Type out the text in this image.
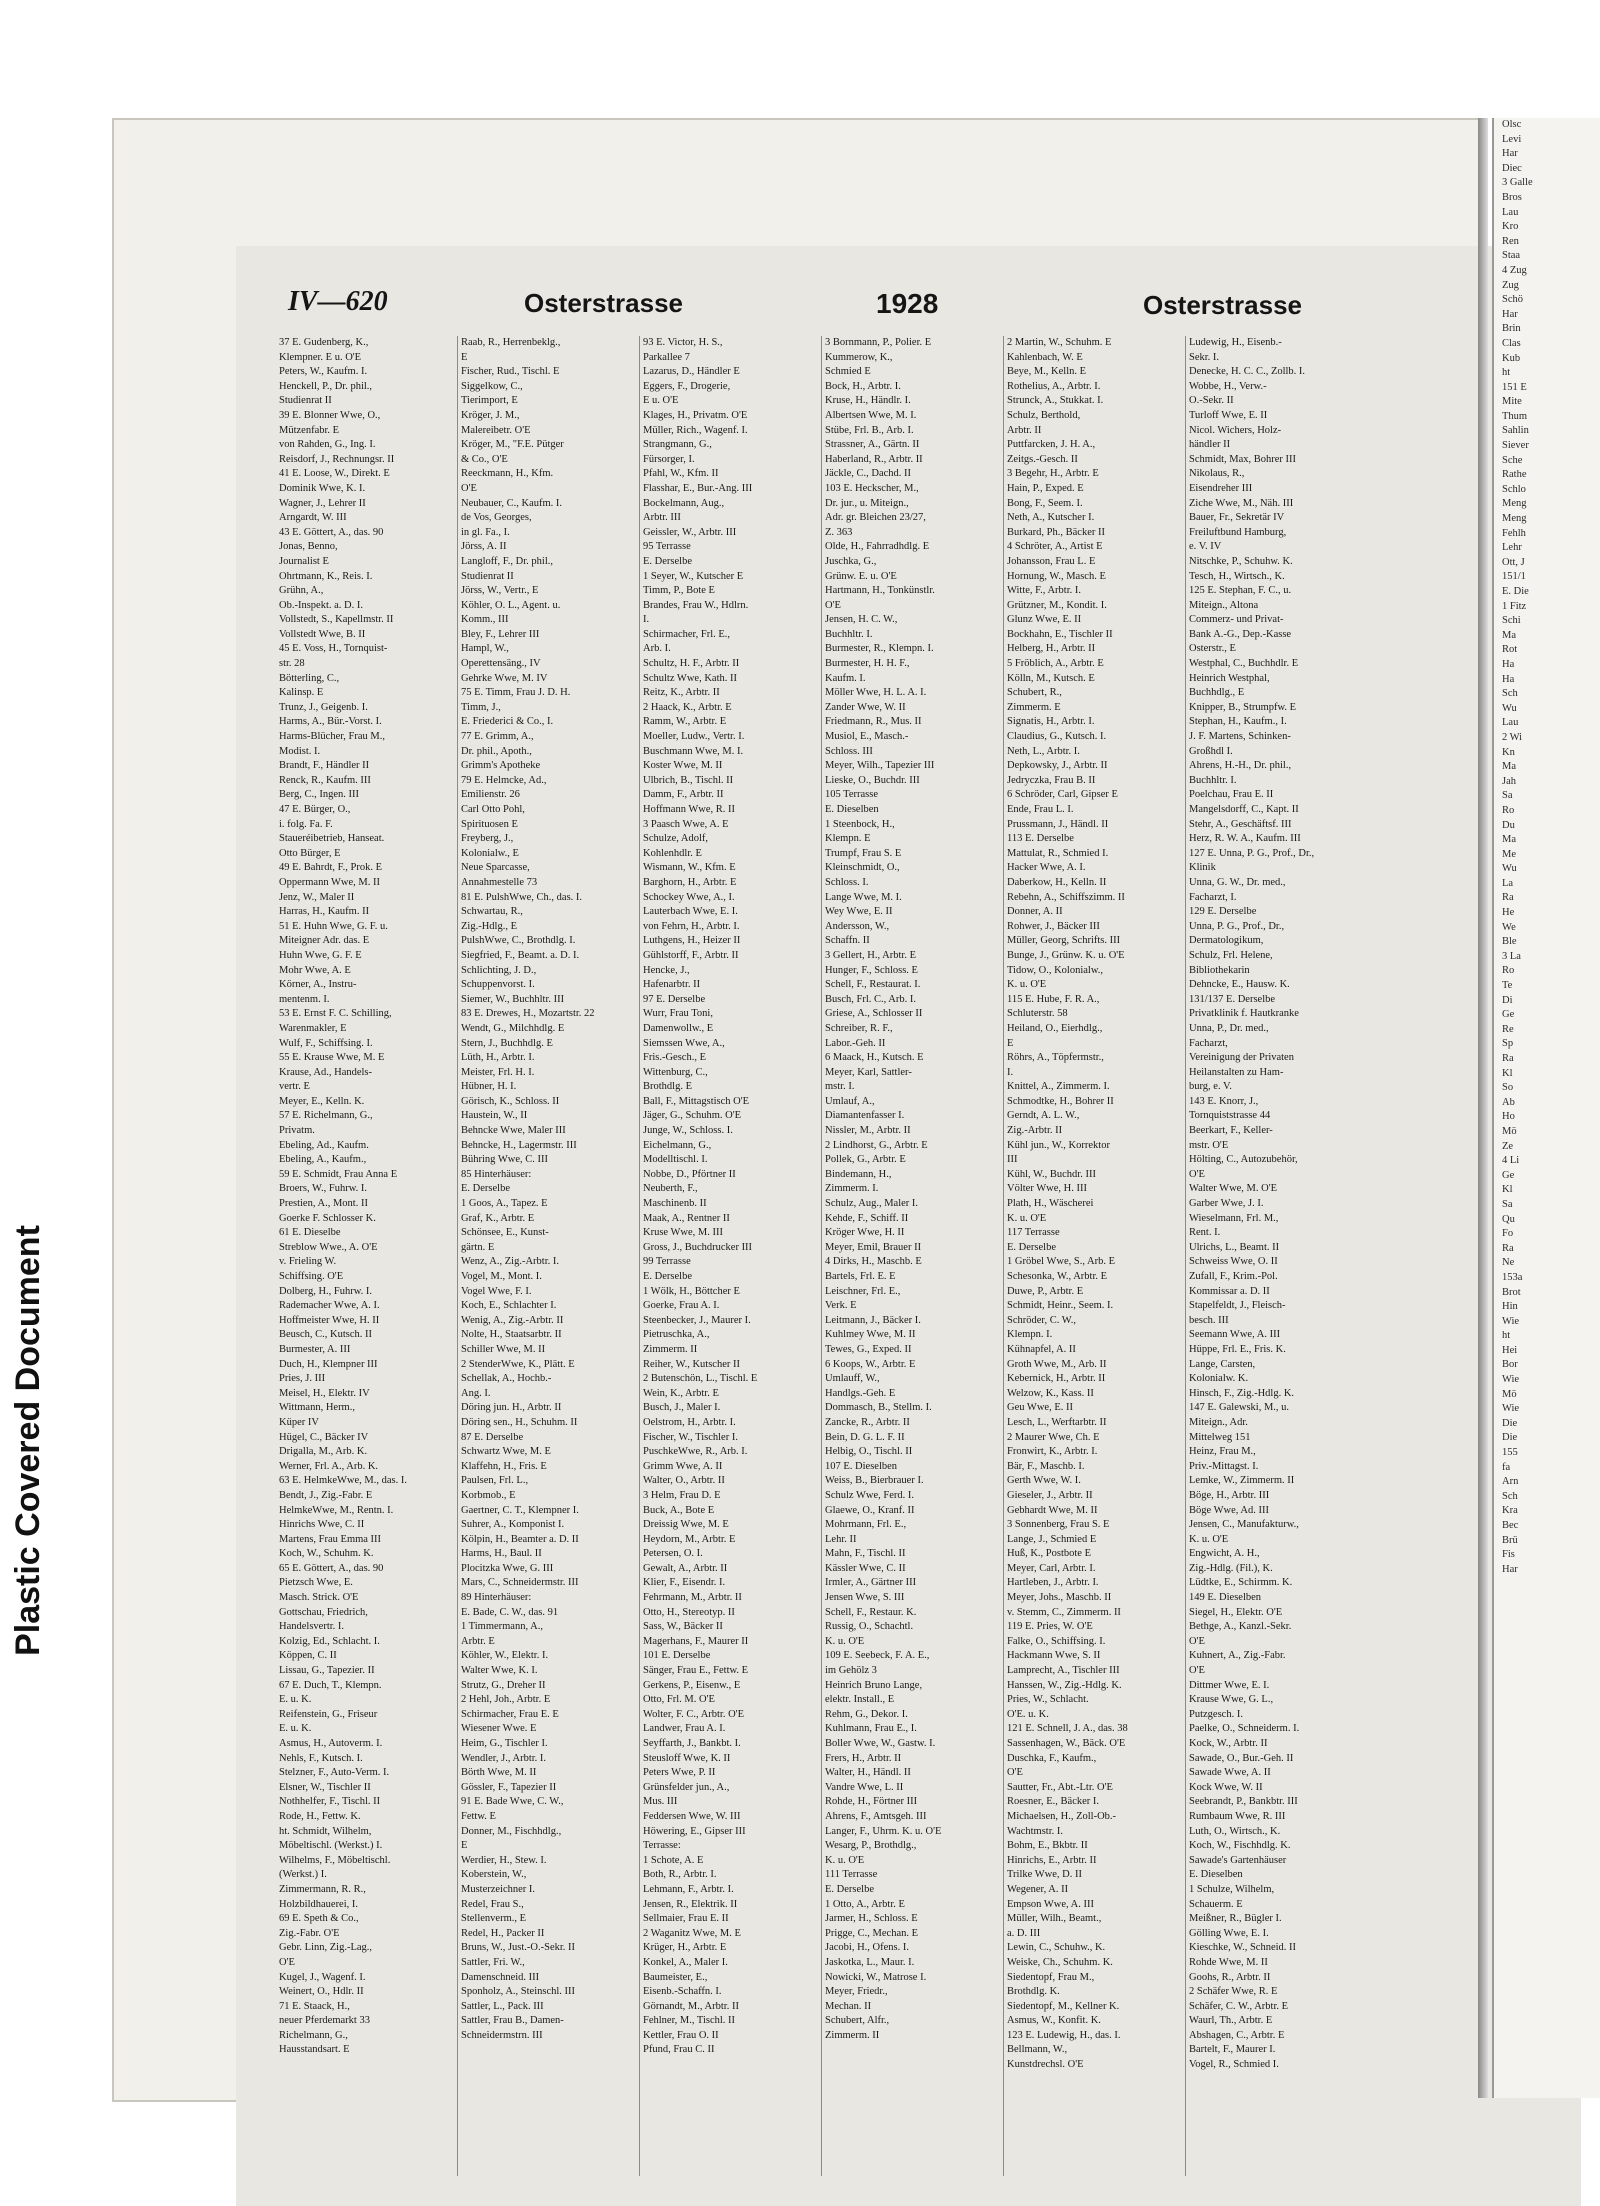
Plastic Covered Document
IV—620	Osterstrasse	1928	Osterstrasse
37 E. Gudenberg, K.,
Klempner. E u. O'E
Peters, W., Kaufm. I.
Henckell, P., Dr. phil.,
Studienrat II
39 E. Blonner Wwe, O.,
Mützenfabr. E
von Rahden, G., Ing. I.
Reisdorf, J., Rechnungsr. II
41 E. Loose, W., Direkt. E
Dominik Wwe, K. I.
Wagner, J., Lehrer II
Arngardt, W. III
43 E. Göttert, A., das. 90
Jonas, Benno,
Journalist E
Ohrtmann, K., Reis. I.
Grühn, A.,
Ob.-Inspekt. a. D. I.
Vollstedt, S., Kapellmstr. II
Vollstedt Wwe, B. II
45 E. Voss, H., Tornquist-
str. 28
Bötterling, C.,
Kalinsp. E
Trunz, J., Geigenb. I.
Harms, A., Bür.-Vorst. I.
Harms-Blücher, Frau M.,
Modist. I.
Brandt, F., Händler II
Renck, R., Kaufm. III
Berg, C., Ingen. III
47 E. Bürger, O.,
i. folg. Fa. F.
Staueréibetrieb, Hanseat.
Otto Bürger, E
49 E. Bahrdt, F., Prok. E
Oppermann Wwe, M. II
Jenz, W., Maler II
Harras, H., Kaufm. II
51 E. Huhn Wwe, G. F. u.
Miteigner Adr. das. E
Huhn Wwe, G. F. E
Mohr Wwe, A. E
Körner, A., Instru-
mentenm. I.
53 E. Ernst F. C. Schilling,
Warenmakler, E
Wulf, F., Schiffsing. I.
55 E. Krause Wwe, M. E
Krause, Ad., Handels-
vertr. E
Meyer, E., Kelln. K.
57 E. Richelmann, G.,
Privatm.
Ebeling, Ad., Kaufm.
Ebeling, A., Kaufm.,
59 E. Schmidt, Frau Anna E
Broers, W., Fuhrw. I.
Prestien, A., Mont. II
Goerke F. Schlosser K.
61 E. Dieselbe
Streblow Wwe., A. O'E
v. Frieling W.
Schiffsing. O'E
Dolberg, H., Fuhrw. I.
Rademacher Wwe, A. I.
Hoffmeister Wwe, H. II
Beusch, C., Kutsch. II
Burmester, A. III
Duch, H., Klempner III
Pries, J. III
Meisel, H., Elektr. IV
Wittmann, Herm.,
Küper IV
Hügel, C., Bäcker IV
Drigalla, M., Arb. K.
Werner, Frl. A., Arb. K.
63 E. HelmkeWwe, M., das. I.
Bendt, J., Zig.-Fabr. E
HelmkeWwe, M., Rentn. I.
Hinrichs Wwe, C. II
Martens, Frau Emma III
Koch, W., Schuhm. K.
65 E. Göttert, A., das. 90
Pietzsch Wwe, E.
Masch. Strick. O'E
Gottschau, Friedrich,
Handelsvertr. I.
Kolzig, Ed., Schlacht. I.
Köppen, C. II
Lissau, G., Tapezier. II
67 E. Duch, T., Klempn.
E. u. K.
Reifenstein, G., Friseur
E. u. K.
Asmus, H., Autoverm. I.
Nehls, F., Kutsch. I.
Stelzner, F., Auto-Verm. I.
Elsner, W., Tischler II
Nothhelfer, F., Tischl. II
Rode, H., Fettw. K.
ht. Schmidt, Wilhelm,
Möbeltischl. (Werkst.) I.
Wilhelms, F., Möbeltischl.
(Werkst.) I.
Zimmermann, R. R.,
Holzbildhauerei, I.
69 E. Speth & Co.,
Zig.-Fabr. O'E
Gebr. Linn, Zig.-Lag.,
O'E
Kugel, J., Wagenf. I.
Weinert, O., Hdlr. II
71 E. Staack, H.,
neuer Pferdemarkt 33
Richelmann, G.,
Hausstandsart. E
Raab, R., Herrenbeklg.,
E
Fischer, Rud., Tischl. E
Siggelkow, C.,
Tierimport, E
Kröger, J. M.,
Malereibetr. O'E
Kröger, M., "F.E. Pütger
& Co., O'E
Reeckmann, H., Kfm.
O'E
Neubauer, C., Kaufm. I.
de Vos, Georges,
in gl. Fa., I.
Jörss, A. II
Langloff, F., Dr. phil.,
Studienrat II
Jörss, W., Vertr., E
Köhler, O. L., Agent. u.
Komm., III
Bley, F., Lehrer III
Hampl, W.,
Operettensäng., IV
Gehrke Wwe, M. IV
75 E. Timm, Frau J. D. H.
Timm, J.,
E. Friederici & Co., I.
77 E. Grimm, A.,
Dr. phil., Apoth.,
Grimm's Apotheke
79 E. Helmcke, Ad.,
Emilienstr. 26
Carl Otto Pohl,
Spirituosen E
Freyberg, J.,
Kolonialw., E
Neue Sparcasse,
Annahmestelle 73
81 E. PulshWwe, Ch., das. I.
Schwartau, R.,
Zig.-Hdlg., E
PulshWwe, C., Brothdlg. I.
Siegfried, F., Beamt. a. D. I.
Schlichting, J. D.,
Schuppenvorst. I.
Siemer, W., Buchhltr. III
83 E. Drewes, H., Mozartstr. 22
Wendt, G., Milchhdlg. E
Stern, J., Buchhdlg. E
Lüth, H., Arbtr. I.
Meister, Frl. H. I.
Hübner, H. I.
Görisch, K., Schloss. II
Haustein, W., II
Behncke Wwe, Maler III
Behncke, H., Lagermstr. III
Bühring Wwe, C. III
85 Hinterhäuser:
E. Derselbe
1 Goos, A., Tapez. E
Graf, K., Arbtr. E
Schönsee, E., Kunst-
gärtn. E
Wenz, A., Zig.-Arbtr. I.
Vogel, M., Mont. I.
Vogel Wwe, F. I.
Koch, E., Schlachter I.
Wenig, A., Zig.-Arbtr. II
Nolte, H., Staatsarbtr. II
Schiller Wwe, M. II
2 StenderWwe, K., Plätt. E
Schellak, A., Hochb.-
Ang. I.
Döring jun. H., Arbtr. II
Döring sen., H., Schuhm. II
87 E. Derselbe
Schwartz Wwe, M. E
Klaffehn, H., Fris. E
Paulsen, Frl. L.,
Korbmob., E
Gaertner, C. T., Klempner I.
Suhrer, A., Komponist I.
Kölpin, H., Beamter a. D. II
Harms, H., Baul. II
Plocitzka Wwe, G. III
Mars, C., Schneidermstr. III
89 Hinterhäuser:
E. Bade, C. W., das. 91
1 Timmermann, A.,
Arbtr. E
Köhler, W., Elektr. I.
Walter Wwe, K. I.
Strutz, G., Dreher II
2 Hehl, Joh., Arbtr. E
Schirmacher, Frau E. E
Wiesener Wwe. E
Heim, G., Tischler I.
Wendler, J., Arbtr. I.
Börth Wwe, M. II
Gössler, F., Tapezier II
91 E. Bade Wwe, C. W.,
Fettw. E
Donner, M., Fischhdlg.,
E
Werdier, H., Stew. I.
Koberstein, W.,
Musterzeichner I.
Redel, Frau S.,
Stellenverm., E
Redel, H., Packer II
Bruns, W., Just.-O.-Sekr. II
Sattler, Fri. W.,
Damenschneid. III
Sponholz, A., Steinschl. III
Sattler, L., Pack. III
Sattler, Frau B., Damen-
Schneidermstrn. III
93 E. Victor, H. S.,
Parkallee 7
Lazarus, D., Händler E
Eggers, F., Drogerie,
E u. O'E
Klages, H., Privatm. O'E
Müller, Rich., Wagenf. I.
Strangmann, G.,
Fürsorger, I.
Pfahl, W., Kfm. II
Flasshar, E., Bur.-Ang. III
Bockelmann, Aug.,
Arbtr. III
Geissler, W., Arbtr. III
95 Terrasse
E. Derselbe
1 Seyer, W., Kutscher E
Timm, P., Bote E
Brandes, Frau W., Hdlrn.
I.
Schirmacher, Frl. E.,
Arb. I.
Schultz, H. F., Arbtr. II
Schultz Wwe, Kath. II
Reitz, K., Arbtr. II
2 Haack, K., Arbtr. E
Ramm, W., Arbtr. E
Moeller, Ludw., Vertr. I.
Buschmann Wwe, M. I.
Koster Wwe, M. II
Ulbrich, B., Tischl. II
Damm, F., Arbtr. II
Hoffmann Wwe, R. II
3 Paasch Wwe, A. E
Schulze, Adolf,
Kohlenhdlr. E
Wismann, W., Kfm. E
Barghorn, H., Arbtr. E
Schockey Wwe, A., I.
Lauterbach Wwe, E. I.
von Fehrn, H., Arbtr. I.
Luthgens, H., Heizer II
Gühlstorff, F., Arbtr. II
Hencke, J.,
Hafenarbtr. II
97 E. Derselbe
Wurr, Frau Toni,
Damenwollw., E
Siemssen Wwe, A.,
Fris.-Gesch., E
Wittenburg, C.,
Brothdlg. E
Ball, F., Mittagstisch O'E
Jäger, G., Schuhm. O'E
Junge, W., Schloss. I.
Eichelmann, G.,
Modelltischl. I.
Nobbe, D., Pförtner II
Neuberth, F.,
Maschinenb. II
Maak, A., Rentner II
Kruse Wwe, M. III
Gross, J., Buchdrucker III
99 Terrasse
E. Derselbe
1 Wölk, H., Böttcher E
Goerke, Frau A. I.
Steenbecker, J., Maurer I.
Pietruschka, A.,
Zimmerm. II
Reiher, W., Kutscher II
2 Butenschön, L., Tischl. E
Wein, K., Arbtr. E
Busch, J., Maler I.
Oelstrom, H., Arbtr. I.
Fischer, W., Tischler I.
PuschkeWwe, R., Arb. I.
Grimm Wwe, A. II
Walter, O., Arbtr. II
3 Helm, Frau D. E
Buck, A., Bote E
Dreissig Wwe, M. E
Heydorn, M., Arbtr. E
Petersen, O. I.
Gewalt, A., Arbtr. II
Klier, F., Eisendr. I.
Fehrmann, M., Arbtr. II
Otto, H., Stereotyp. II
Sass, W., Bäcker II
Magerhans, F., Maurer II
101 E. Derselbe
Sänger, Frau E., Fettw. E
Gerkens, P., Eisenw., E
Otto, Frl. M. O'E
Wolter, F. C., Arbtr. O'E
Landwer, Frau A. I.
Seyffarth, J., Bankbt. I.
Steusloff Wwe, K. II
Peters Wwe, P. II
Grünsfelder jun., A.,
Mus. III
Feddersen Wwe, W. III
Höwering, E., Gipser III
Terrasse:
1 Schote, A. E
Both, R., Arbtr. I.
Lehmann, F., Arbtr. I.
Jensen, R., Elektrik. II
Sellmaier, Frau E. II
2 Waganitz Wwe, M. E
Krüger, H., Arbtr. E
Konkel, A., Maler I.
Baumeister, E.,
Eisenb.-Schaffn. I.
Görnandt, M., Arbtr. II
Fehlner, M., Tischl. II
Kettler, Frau O. II
Pfund, Frau C. II
3 Bornmann, P., Polier. E
Kummerow, K.,
Schmied E
Bock, H., Arbtr. I.
Kruse, H., Händlr. I.
Albertsen Wwe, M. I.
Stübe, Frl. B., Arb. I.
Strassner, A., Gärtn. II
Haberland, R., Arbtr. II
Jäckle, C., Dachd. II
103 E. Heckscher, M.,
Dr. jur., u. Miteign.,
Adr. gr. Bleichen 23/27,
Z. 363
Olde, H., Fahrradhdlg. E
Juschka, G.,
Grünw. E. u. O'E
Hartmann, H., Tonkünstlr.
O'E
Jensen, H. C. W.,
Buchhltr. I.
Burmester, R., Klempn. I.
Burmester, H. H. F.,
Kaufm. I.
Möller Wwe, H. L. A. I.
Zander Wwe, W. II
Friedmann, R., Mus. II
Musiol, E., Masch.-
Schloss. III
Meyer, Wilh., Tapezier III
Lieske, O., Buchdr. III
105 Terrasse
E. Dieselben
1 Steenbock, H.,
Klempn. E
Trumpf, Frau S. E
Kleinschmidt, O.,
Schloss. I.
Lange Wwe, M. I.
Wey Wwe, E. II
Andersson, W.,
Schaffn. II
3 Gellert, H., Arbtr. E
Hunger, F., Schloss. E
Schell, F., Restaurat. I.
Busch, Frl. C., Arb. I.
Griese, A., Schlosser II
Schreiber, R. F.,
Labor.-Geh. II
6 Maack, H., Kutsch. E
Meyer, Karl, Sattler-
mstr. I.
Umlauf, A.,
Diamantenfasser I.
Nissler, M., Arbtr. II
2 Lindhorst, G., Arbtr. E
Pollek, G., Arbtr. E
Bindemann, H.,
Zimmerm. I.
Schulz, Aug., Maler I.
Kehde, F., Schiff. II
Kröger Wwe, H. II
Meyer, Emil, Brauer II
4 Dirks, H., Maschb. E
Bartels, Frl. E. E
Leischner, Frl. E.,
Verk. E
Leitmann, J., Bäcker I.
Kuhlmey Wwe, M. II
Tewes, G., Exped. II
6 Koops, W., Arbtr. E
Umlauff, W.,
Handlgs.-Geh. E
Dommasch, B., Stellm. I.
Zancke, R., Arbtr. II
Bein, D. G. L. F. II
Helbig, O., Tischl. II
107 E. Dieselben
Weiss, B., Bierbrauer I.
Schulz Wwe, Ferd. I.
Glaewe, O., Kranf. II
Mohrmann, Frl. E.,
Lehr. II
Mahn, F., Tischl. II
Kässler Wwe, C. II
Irmler, A., Gärtner III
Jensen Wwe, S. III
Schell, F., Restaur. K.
Russig, O., Schachtl.
K. u. O'E
109 E. Seebeck, F. A. E.,
im Gehölz 3
Heinrich Bruno Lange,
elektr. Install., E
Rehm, G., Dekor. I.
Kuhlmann, Frau E., I.
Boller Wwe, W., Gastw. I.
Frers, H., Arbtr. II
Walter, H., Händl. II
Vandre Wwe, L. II
Rohde, H., Förtner III
Ahrens, F., Amtsgeh. III
Langer, F., Uhrm. K. u. O'E
Wesarg, P., Brothdlg.,
K. u. O'E
111 Terrasse
E. Derselbe
1 Otto, A., Arbtr. E
Jarmer, H., Schloss. E
Prigge, C., Mechan. E
Jacobi, H., Ofens. I.
Jaskotka, L., Maur. I.
Nowicki, W., Matrose I.
Meyer, Friedr.,
Mechan. II
Schubert, Alfr.,
Zimmerm. II
2 Martin, W., Schuhm. E
Kahlenbach, W. E
Beye, M., Kelln. E
Rothelius, A., Arbtr. I.
Strunck, A., Stukkat. I.
Schulz, Berthold,
Arbtr. II
Puttfarcken, J. H. A.,
Zeitgs.-Gesch. II
3 Begehr, H., Arbtr. E
Hain, P., Exped. E
Bong, F., Seem. I.
Neth, A., Kutscher I.
Burkard, Ph., Bäcker II
4 Schröter, A., Artist E
Johansson, Frau L. E
Hornung, W., Masch. E
Witte, F., Arbtr. I.
Grützner, M., Kondit. I.
Glunz Wwe, E. II
Bockhahn, E., Tischler II
Helberg, H., Arbtr. II
5 Fröblich, A., Arbtr. E
Kölln, M., Kutsch. E
Schubert, R.,
Zimmerm. E
Signatis, H., Arbtr. I.
Claudius, G., Kutsch. I.
Neth, L., Arbtr. I.
Depkowsky, J., Arbtr. II
Jedryczka, Frau B. II
6 Schröder, Carl, Gipser E
Ende, Frau L. I.
Prussmann, J., Händl. II
113 E. Derselbe
Mattulat, R., Schmied I.
Hacker Wwe, A. I.
Daberkow, H., Kelln. II
Rebehn, A., Schiffszimm. II
Donner, A. II
Rohwer, J., Bäcker III
Müller, Georg, Schrifts. III
Bunge, J., Grünw. K. u. O'E
Tidow, O., Kolonialw.,
K. u. O'E
115 E. Hube, F. R. A.,
Schluterstr. 58
Heiland, O., Eierhdlg.,
E
Röhrs, A., Töpfermstr.,
I.
Knittel, A., Zimmerm. I.
Schmodtke, H., Bohrer II
Gerndt, A. L. W.,
Zig.-Arbtr. II
Kühl jun., W., Korrektor
III
Kühl, W., Buchdr. III
Völter Wwe, H. III
Plath, H., Wäscherei
K. u. O'E
117 Terrasse
E. Derselbe
1 Gröbel Wwe, S., Arb. E
Schesonka, W., Arbtr. E
Duwe, P., Arbtr. E
Schmidt, Heinr., Seem. I.
Schröder, C. W.,
Klempn. I.
Kühnapfel, A. II
Groth Wwe, M., Arb. II
Kebernick, H., Arbtr. II
Welzow, K., Kass. II
Geu Wwe, E. II
Lesch, L., Werftarbtr. II
2 Maurer Wwe, Ch. E
Fronwirt, K., Arbtr. I.
Bär, F., Maschb. I.
Gerth Wwe, W. I.
Gieseler, J., Arbtr. II
Gebhardt Wwe, M. II
3 Sonnenberg, Frau S. E
Lange, J., Schmied E
Huß, K., Postbote E
Meyer, Carl, Arbtr. I.
Hartleben, J., Arbtr. I.
Meyer, Johs., Maschb. II
v. Stemm, C., Zimmerm. II
119 E. Pries, W. O'E
Falke, O., Schiffsing. I.
Hackmann Wwe, S. II
Lamprecht, A., Tischler III
Hanssen, W., Zig.-Hdlg. K.
Pries, W., Schlacht.
O'E. u. K.
121 E. Schnell, J. A., das. 38
Sassenhagen, W., Bäck. O'E
Duschka, F., Kaufm.,
O'E
Sautter, Fr., Abt.-Ltr. O'E
Roesner, E., Bäcker I.
Michaelsen, H., Zoll-Ob.-
Wachtmstr. I.
Bohm, E., Bkbtr. II
Hinrichs, E., Arbtr. II
Trilke Wwe, D. II
Wegener, A. II
Empson Wwe, A. III
Müller, Wilh., Beamt.,
a. D. III
Lewin, C., Schuhw., K.
Weiske, Ch., Schuhm. K.
Siedentopf, Frau M.,
Brothdlg. K.
Siedentopf, M., Kellner K.
Asmus, W., Konfit. K.
123 E. Ludewig, H., das. I.
Bellmann, W.,
Kunstdrechsl. O'E
Ludewig, H., Eisenb.-
Sekr. I.
Denecke, H. C. C., Zollb. I.
Wobbe, H., Verw.-
O.-Sekr. II
Turloff Wwe, E. II
Nicol. Wichers, Holz-
händler II
Schmidt, Max, Bohrer III
Nikolaus, R.,
Eisendreher III
Ziche Wwe, M., Näh. III
Bauer, Fr., Sekretär IV
Freiluftbund Hamburg,
e. V. IV
Nitschke, P., Schuhw. K.
Tesch, H., Wirtsch., K.
125 E. Stephan, F. C., u.
Miteign., Altona
Commerz- und Privat-
Bank A.-G., Dep.-Kasse
Osterstr., E
Westphal, C., Buchhdlr. E
Heinrich Westphal,
Buchhdlg., E
Knipper, B., Strumpfw. E
Stephan, H., Kaufm., I.
J. F. Martens, Schinken-
Großhdl I.
Ahrens, H.-H., Dr. phil.,
Buchhltr. I.
Poelchau, Frau E. II
Mangelsdorff, C., Kapt. II
Stehr, A., Geschäftsf. III
Herz, R. W. A., Kaufm. III
127 E. Unna, P. G., Prof., Dr.,
Klinik
Unna, G. W., Dr. med.,
Facharzt, I.
129 E. Derselbe
Unna, P. G., Prof., Dr.,
Dermatologikum,
Schulz, Frl. Helene,
Bibliothekarin
Dehncke, E., Hausw. K.
131/137 E. Derselbe
Privatklinik f. Hautkranke
Unna, P., Dr. med.,
Facharzt,
Vereinigung der Privaten
Heilanstalten zu Ham-
burg, e. V.
143 E. Knorr, J.,
Tornquiststrasse 44
Beerkart, F., Keller-
mstr. O'E
Hölting, C., Autozubehör,
O'E
Walter Wwe, M. O'E
Garber Wwe, J. I.
Wieselmann, Frl. M.,
Rent. I.
Ulrichs, L., Beamt. II
Schweiss Wwe, O. II
Zufall, F., Krim.-Pol.
Kommissar a. D. II
Stapelfeldt, J., Fleisch-
besch. III
Seemann Wwe, A. III
Hüppe, Frl. E., Fris. K.
Lange, Carsten,
Kolonialw. K.
Hinsch, F., Zig.-Hdlg. K.
147 E. Galewski, M., u.
Miteign., Adr.
Mittelweg 151
Heinz, Frau M.,
Priv.-Mittagst. I.
Lemke, W., Zimmerm. II
Böge, H., Arbtr. III
Böge Wwe, Ad. III
Jensen, C., Manufakturw.,
K. u. O'E
Engwicht, A. H.,
Zig.-Hdlg. (Fil.), K.
Lüdtke, E., Schirmm. K.
149 E. Dieselben
Siegel, H., Elektr. O'E
Bethge, A., Kanzl.-Sekr.
O'E
Kuhnert, A., Zig.-Fabr.
O'E
Dittmer Wwe, E. I.
Krause Wwe, G. L.,
Putzgesch. I.
Paelke, O., Schneiderm. I.
Kock, W., Arbtr. II
Sawade, O., Bur.-Geh. II
Sawade Wwe, A. II
Kock Wwe, W. II
Seebrandt, P., Bankbtr. III
Rumbaum Wwe, R. III
Luth, O., Wirtsch., K.
Koch, W., Fischhdlg. K.
Sawade's Gartenhäuser
E. Dieselben
1 Schulze, Wilhelm,
Schauerm. E
Meißner, R., Bügler I.
Gölling Wwe, E. I.
Kieschke, W., Schneid. II
Rohde Wwe, M. II
Goohs, R., Arbtr. II
2 Schäfer Wwe, R. E
Schäfer, C. W., Arbtr. E
Waurl, Th., Arbtr. E
Abshagen, C., Arbtr. E
Bartelt, F., Maurer I.
Vogel, R., Schmied I.
Olsc
Levi
Har
Diec
3 Galle
Bros
Lau
Kro
Ren
Staa
4 Zug
Zug
Schö
Har
Brin
Clas
Kub
ht
151 E
Mite
Thum
Sahlin
Siever
Sche
Rathe
Schlo
Meng
Meng
Fehlh
Lehr
Ott, J
151/1
E. Die
1 Fitz
Schi
Ma
Rot
Ha
Ha
Sch
Wu
Lau
2 Wi
Kn
Ma
Jah
Sa
Ro
Du
Ma
Me
Wu
La
Ra
He
We
Ble
3 La
Ro
Te
Di
Ge
Re
Sp
Ra
Kl
So
Ab
Ho
Mö
Ze
4 Li
Ge
Kl
Sa
Qu
Fo
Ra
Ne
153a
Brot
Hin
Wie
ht
Hei
Bor
Wie
Mö
Wie
Die
Die
155
fa
Arn
Sch
Kra
Bec
Brü
Fis
Har
